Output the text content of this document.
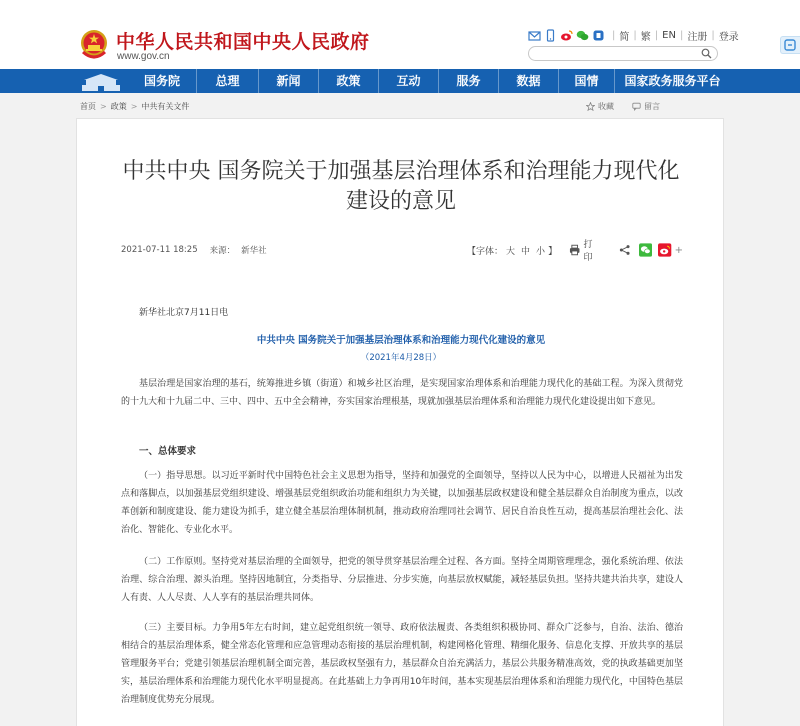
中华人民共和国中央人民政府
www.gov.cn
| 简 | 繁 | EN | 注册 | 登录
国务院	总理	新闻	政策	互动	服务	数据	国情	国家政务服务平台
首页 > 政策 > 中共有关文件	收藏	留言
中共中央 国务院关于加强基层治理体系和治理能力现代化建设的意见
2021-07-11 18:25 来源： 新华社	【字体： 大 中 小 】
打印
+
新华社北京7月11日电
中共中央 国务院关于加强基层治理体系和治理能力现代化建设的意见
（2021年4月28日）

基层治理是国家治理的基石，统筹推进乡镇（街道）和城乡社区治理，是实现国家治理体系和治理能力现代化的基础工程。为深入贯彻党的十九大和十九届二中、三中、四中、五中全会精神，夯实国家治理根基，现就加强基层治理体系和治理能力现代化建设提出如下意见。

一、总体要求

（一）指导思想。以习近平新时代中国特色社会主义思想为指导，坚持和加强党的全面领导，坚持以人民为中心，以增进人民福祉为出发点和落脚点，以加强基层党组织建设、增强基层党组织政治功能和组织力为关键，以加强基层政权建设和健全基层群众自治制度为重点，以改革创新和制度建设、能力建设为抓手，建立健全基层治理体制机制，推动政府治理同社会调节、居民自治良性互动，提高基层治理社会化、法治化、智能化、专业化水平。

（二）工作原则。坚持党对基层治理的全面领导，把党的领导贯穿基层治理全过程、各方面。坚持全周期管理理念，强化系统治理、依法治理、综合治理、源头治理。坚持因地制宜，分类指导、分层推进、分步实施，向基层放权赋能，减轻基层负担。坚持共建共治共享，建设人人有责、人人尽责、人人享有的基层治理共同体。

（三）主要目标。力争用5年左右时间，建立起党组织统一领导、政府依法履责、各类组织积极协同、群众广泛参与，自治、法治、德治相结合的基层治理体系，健全常态化管理和应急管理动态衔接的基层治理机制，构建网格化管理、精细化服务、信息化支撑、开放共享的基层管理服务平台；党建引领基层治理机制全面完善，基层政权坚强有力，基层群众自治充满活力，基层公共服务精准高效，党的执政基础更加坚实，基层治理体系和治理能力现代化水平明显提高。在此基础上力争再用10年时间，基本实现基层治理体系和治理能力现代化，中国特色基层治理制度优势充分展现。
